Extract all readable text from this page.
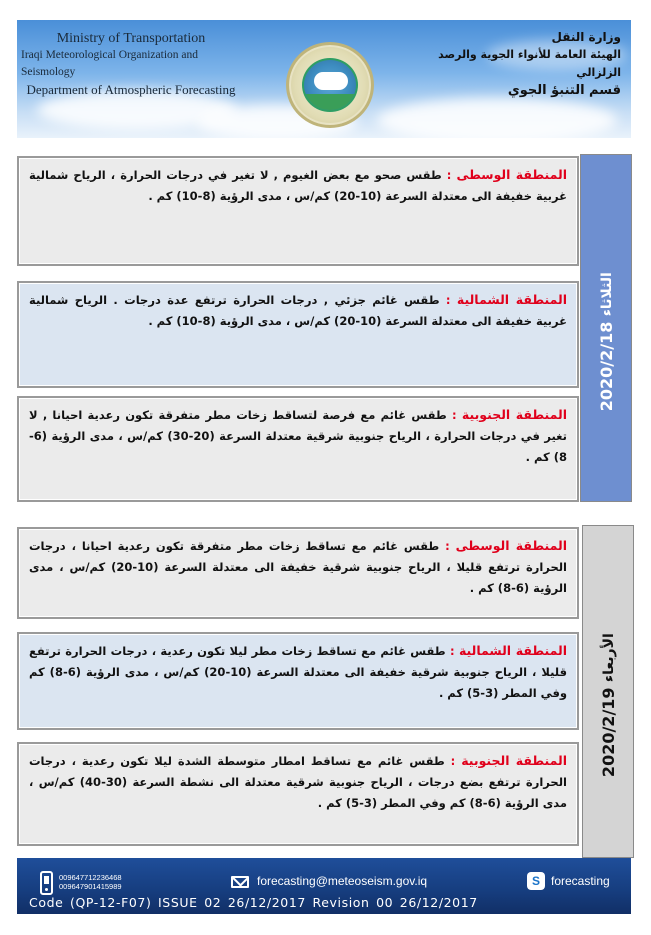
Ministry of Transportation
Iraqi Meteorological Organization and Seismology
Department of Atmospheric Forecasting
وزارة النقل
الهيئة العامة للأنواء الجوية والرصد الزلزالي
قسم التنبؤ الجوي
المنطقة الوسطى : طقس صحو مع بعض الغيوم , لا تغير في درجات الحرارة ، الرياح شمالية غربية خفيفة الى معتدلة السرعة (10-20) كم/س ، مدى الرؤية (8-10) كم .
المنطقة الشمالية : طقس غائم جزئي , درجات الحرارة ترتفع عدة درجات . الرياح شمالية غربية خفيفة الى معتدلة السرعة (10-20) كم/س ، مدى الرؤية (8-10) كم .
المنطقة الجنوبية : طقس غائم مع فرصة لتساقط زخات مطر متفرقة تكون رعدية احيانا , لا تغير في درجات الحرارة ، الرياح جنوبية شرقية معتدلة السرعة (20-30) كم/س ، مدى الرؤية (6-8) كم .
2020/2/18 الثلاثاء
المنطقة الوسطى : طقس غائم مع تساقط زخات مطر متفرقة تكون رعدية احيانا ، درجات الحرارة ترتفع قليلا ، الرياح جنوبية شرقية خفيفة الى معتدلة السرعة (10-20) كم/س ، مدى الرؤية (6-8) كم .
المنطقة الشمالية : طقس غائم مع تساقط زخات مطر ليلا تكون رعدية ، درجات الحرارة ترتفع قليلا ، الرياح جنوبية شرقية خفيفة الى معتدلة السرعة (10-20) كم/س ، مدى الرؤية (6-8) كم وفي المطر (3-5) كم .
المنطقة الجنوبية : طقس غائم مع تساقط امطار متوسطة الشدة ليلا تكون رعدية ، درجات الحرارة ترتفع بضع درجات ، الرياح جنوبية شرقية معتدلة الى نشطة السرعة (30-40) كم/س ، مدى الرؤية (6-8) كم وفي المطر (3-5) كم .
2020/2/19 الأربعاء
009647712236468
009647901415989	forecasting@meteoseism.gov.iq	S forecasting
Code (QP-12-F07) ISSUE 02 26/12/2017 Revision 00 26/12/2017
